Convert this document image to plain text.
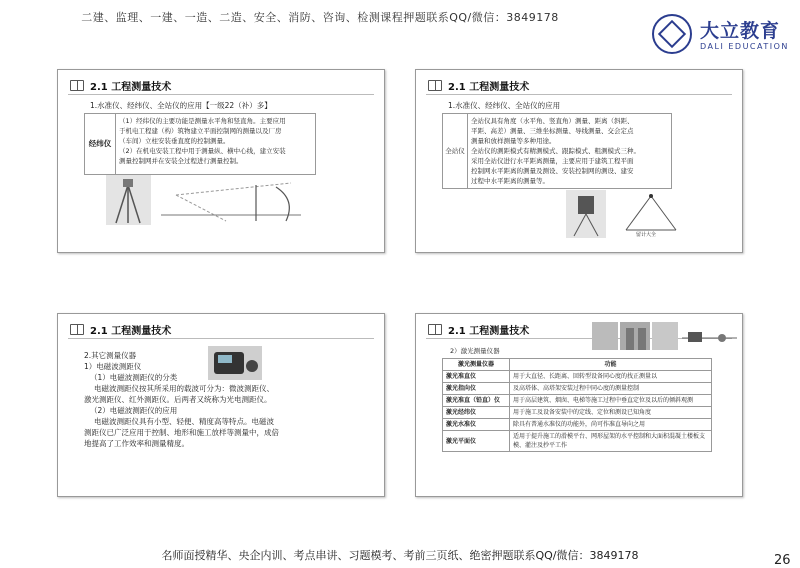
二建、监理、一建、一造、二造、安全、消防、咨询、检测课程押题联系QQ/微信：3849178
大立教育
DALI EDUCATION
2.1 工程测量技术
1.水准仪、经纬仪、全站仪的应用【一级22（补）多】
经纬仪
（1）经纬仪的主要功能是测量水平角和竖直角。主要应用
于机电工程建（构）筑物建立平面控制网的测量以及厂房
（车间）立柱安装垂直度的控制测量。
（2）在机电安装工程中用于测量纵、横中心线，建立安装
测量控制网并在安装全过程进行测量控制。
2.1 工程测量技术
1.水准仪、经纬仪、全站仪的应用
全站仪
全站仪具有角度（水平角、竖直角）测量、距离（斜距、
平距、高差）测量、三维坐标测量、导线测量、交会定点
测量和放样测量等多种用途。
全站仪的测距模式有精测模式、跟踪模式、粗测模式三种。
采用全站仪进行水平距离测量，主要应用于建筑工程平面
控制网水平距离的测量及测设、安装控制网的测设、建安
过程中水平距离的测量等。
留计大全
2.1 工程测量技术
2.其它测量仪器
1）电磁波测距仪
（1）电磁波测距仪的分类
电磁波测距仪按其所采用的载波可分为：微波测距仪、
激光测距仪、红外测距仪。后两者又统称为光电测距仪。
（2）电磁波测距仪的应用
电磁波测距仪具有小型、轻便、精度高等特点。电磁波
测距仪已广泛应用于控制、地形和施工放样等测量中，成倍
地提高了工作效率和测量精度。
2.1 工程测量技术
2）激光测量仪器
激光测量仪器	功能
激光准直仪	用于大直径、长距离、回转型设备同心度的找正测量以
激光指向仪	及高塔体、高塔架安装过程中同心度的测量控制
激光准直（铅直）仪	用于高层建筑、烟囱、电梯等施工过程中垂直定位及以后的倾斜观测
激光经纬仪	用于施工及设备安装中的定线、定位和测设已知角度
激光水准仪	除具有普通水准仪的功能外，尚可作准直导向之用
激光平面仪	适用于提升施工的滑模平台、网形屋架的水平控制和大面积混凝土楼板支模、灌注及抄平工作
名师面授精华、央企内训、考点串讲、习题模考、考前三页纸、绝密押题联系QQ/微信：3849178	26
